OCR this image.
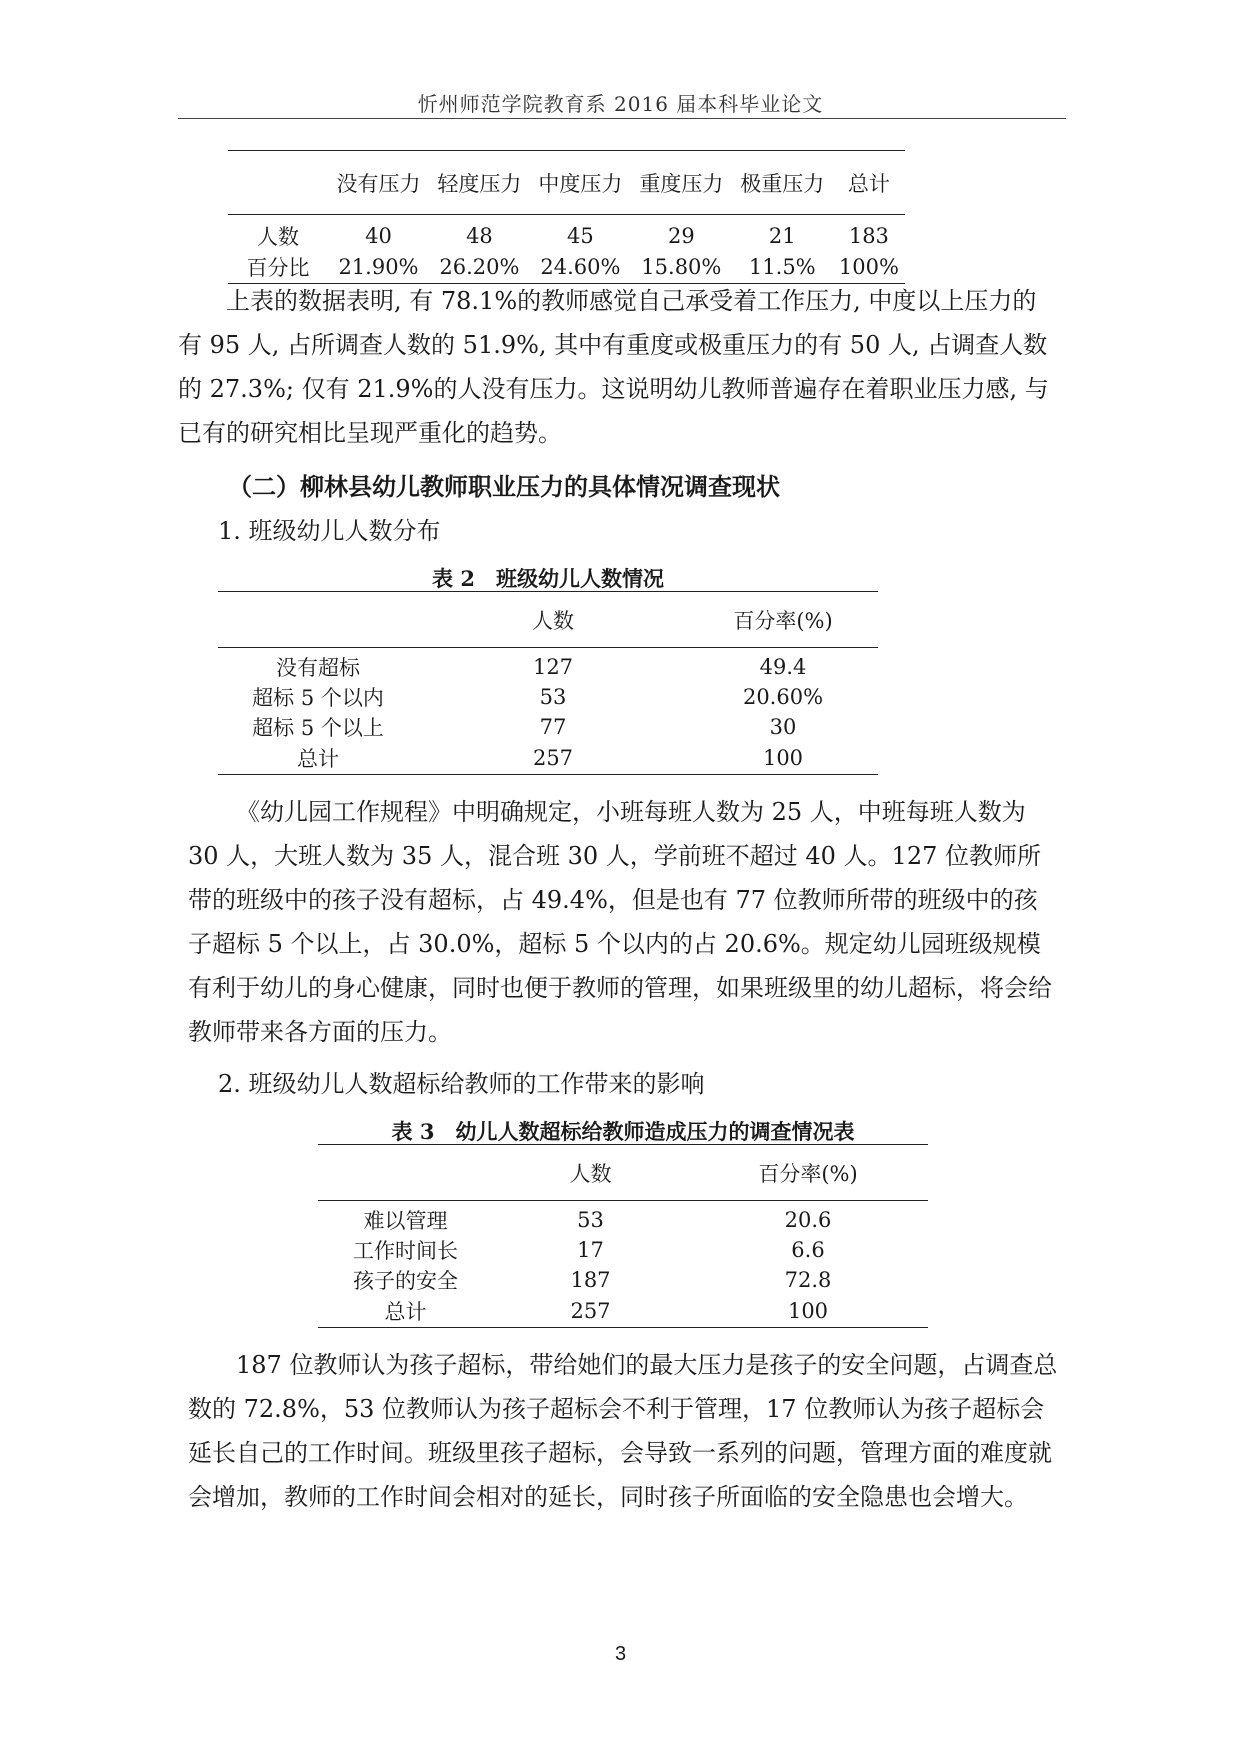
忻州师范学院教育系 2016 届本科毕业论文
	没有压力	轻度压力	中度压力	重度压力	极重压力	总计
人数	40	48	45	29	21	183
百分比	21.90%	26.20%	24.60%	15.80%	11.5%	100%
上表的数据表明, 有 78.1%的教师感觉自己承受着工作压力, 中度以上压力的有 95 人, 占所调查人数的 51.9%, 其中有重度或极重压力的有 50 人, 占调查人数的 27.3%; 仅有 21.9%的人没有压力。这说明幼儿教师普遍存在着职业压力感, 与已有的研究相比呈现严重化的趋势。
（二）柳林县幼儿教师职业压力的具体情况调查现状
1. 班级幼儿人数分布
表 2　班级幼儿人数情况
	人数	百分率(%)
没有超标	127	49.4
超标 5 个以内	53	20.60%
超标 5 个以上	77	30
总计	257	100
《幼儿园工作规程》中明确规定，小班每班人数为 25 人，中班每班人数为 30 人，大班人数为 35 人，混合班 30 人，学前班不超过 40 人。127 位教师所带的班级中的孩子没有超标，占 49.4%，但是也有 77 位教师所带的班级中的孩子超标 5 个以上，占 30.0%，超标 5 个以内的占 20.6%。规定幼儿园班级规模有利于幼儿的身心健康，同时也便于教师的管理，如果班级里的幼儿超标，将会给教师带来各方面的压力。
2. 班级幼儿人数超标给教师的工作带来的影响
表 3　幼儿人数超标给教师造成压力的调查情况表
	人数	百分率(%)
难以管理	53	20.6
工作时间长	17	6.6
孩子的安全	187	72.8
总计	257	100
187 位教师认为孩子超标，带给她们的最大压力是孩子的安全问题，占调查总数的 72.8%，53 位教师认为孩子超标会不利于管理，17 位教师认为孩子超标会延长自己的工作时间。班级里孩子超标，会导致一系列的问题，管理方面的难度就会增加，教师的工作时间会相对的延长，同时孩子所面临的安全隐患也会增大。
3
